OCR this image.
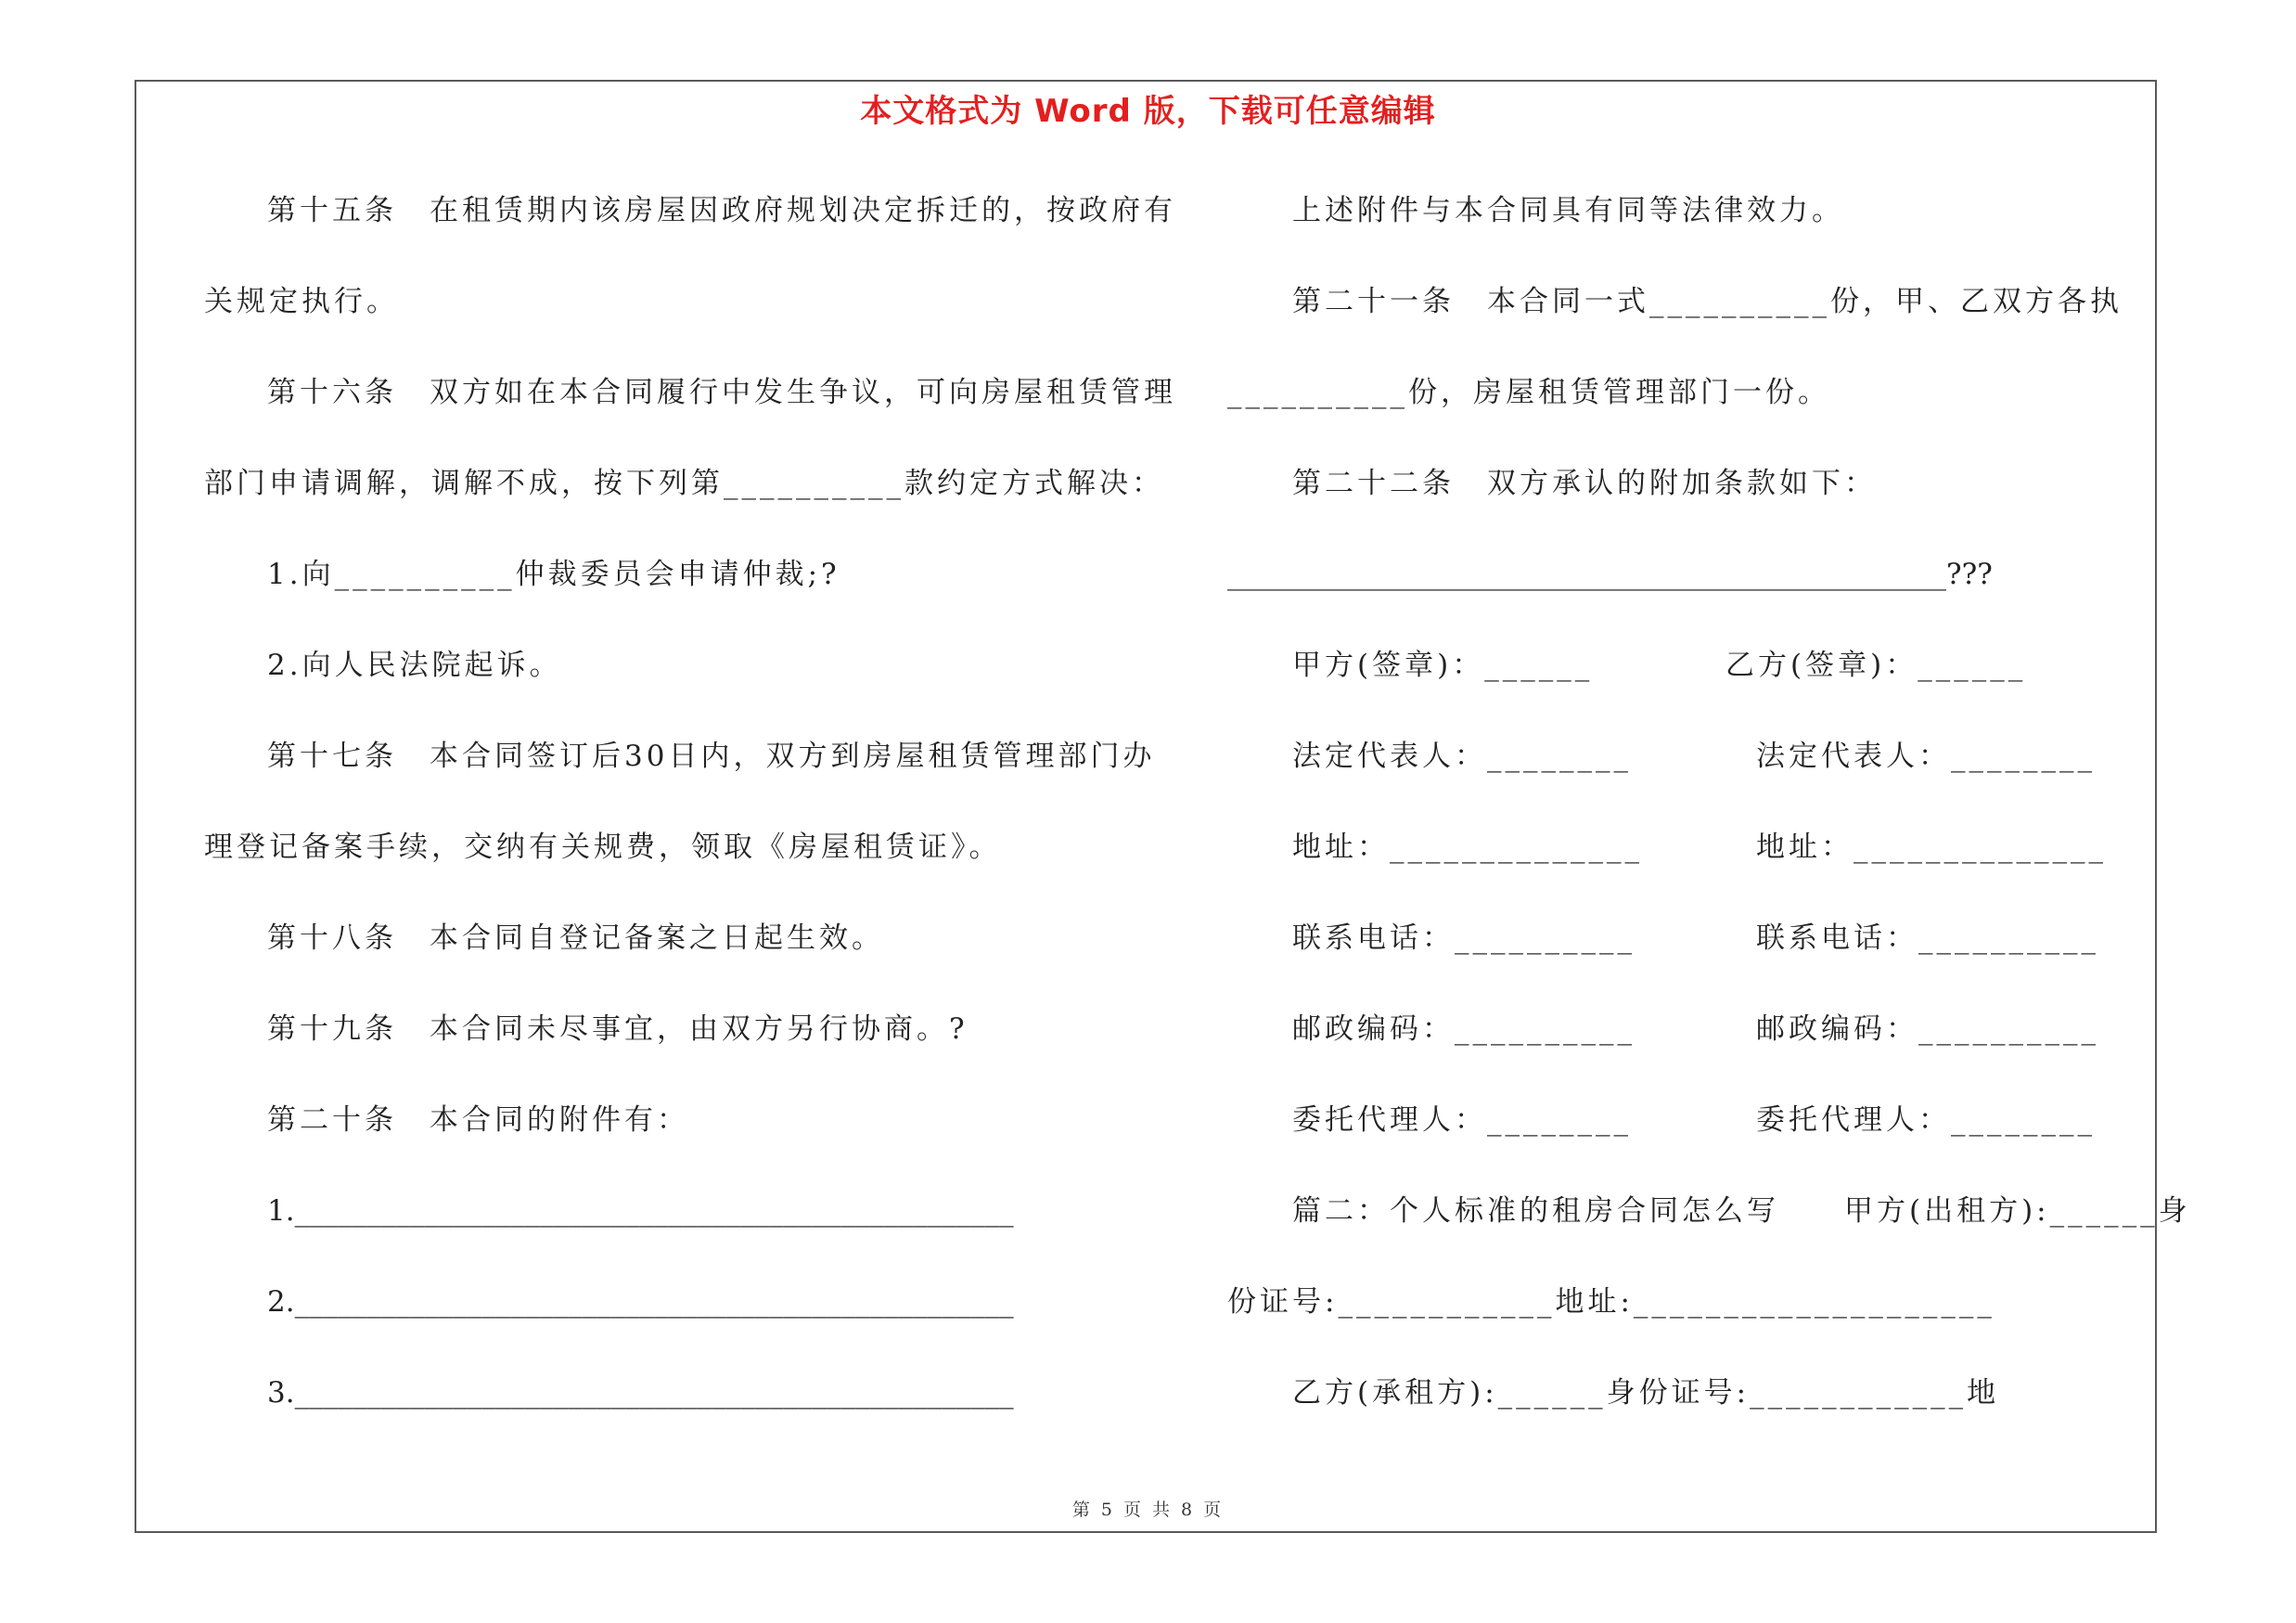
本文格式为 Word 版，下载可任意编辑
第十五条　在租赁期内该房屋因政府规划决定拆迁的，按政府有
关规定执行。
第十六条　双方如在本合同履行中发生争议，可向房屋租赁管理
部门申请调解，调解不成，按下列第__________款约定方式解决：
1.向__________仲裁委员会申请仲裁;?
2.向人民法院起诉。
第十七条　本合同签订后30日内，双方到房屋租赁管理部门办
理登记备案手续，交纳有关规费，领取《房屋租赁证》。
第十八条　本合同自登记备案之日起生效。
第十九条　本合同未尽事宜，由双方另行协商。?
第二十条　本合同的附件有：
1.__________________________________________________
2.__________________________________________________
3.__________________________________________________
上述附件与本合同具有同等法律效力。
第二十一条　本合同一式__________份，甲、乙双方各执
__________份，房屋租赁管理部门一份。
第二十二条　双方承认的附加条款如下：
__________________________________________________???
甲方(签章)：______	乙方(签章)：______
法定代表人：________	法定代表人：________
地址：______________	地址：______________
联系电话：__________	联系电话：__________
邮政编码：__________	邮政编码：__________
委托代理人：________	委托代理人：________
篇二：个人标准的租房合同怎么写　　甲方(出租方):______身
份证号:____________地址:____________________
乙方(承租方):______身份证号:____________地
第 5 页 共 8 页
